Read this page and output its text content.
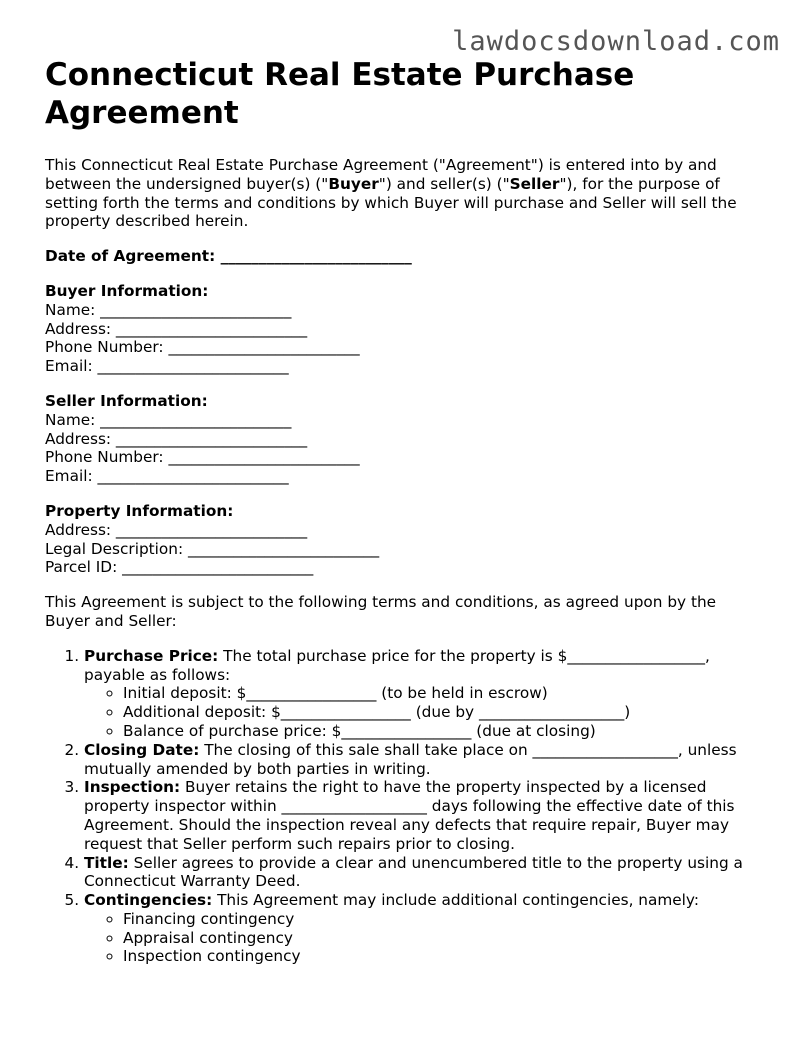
lawdocsdownload.com
Connecticut Real Estate Purchase Agreement

This Connecticut Real Estate Purchase Agreement ("Agreement") is entered into by and between the undersigned buyer(s) ("Buyer") and seller(s) ("Seller"), for the purpose of setting forth the terms and conditions by which Buyer will purchase and Seller will sell the property described herein.

Date of Agreement: _________________________
Buyer Information:
Name: _________________________
Address: _________________________
Phone Number: _________________________
Email: _________________________
Seller Information:
Name: _________________________
Address: _________________________
Phone Number: _________________________
Email: _________________________
Property Information:
Address: _________________________
Legal Description: _________________________
Parcel ID: _________________________

This Agreement is subject to the following terms and conditions, as agreed upon by the Buyer and Seller:

1. Purchase Price: The total purchase price for the property is $__________________, payable as follows:
◦ Initial deposit: $_________________ (to be held in escrow)
◦ Additional deposit: $_________________ (due by ___________________)
◦ Balance of purchase price: $_________________ (due at closing)
2. Closing Date: The closing of this sale shall take place on ___________________, unless mutually amended by both parties in writing.
3. Inspection: Buyer retains the right to have the property inspected by a licensed property inspector within ___________________ days following the effective date of this Agreement. Should the inspection reveal any defects that require repair, Buyer may request that Seller perform such repairs prior to closing.
4. Title: Seller agrees to provide a clear and unencumbered title to the property using a Connecticut Warranty Deed.
5. Contingencies: This Agreement may include additional contingencies, namely:
◦ Financing contingency
◦ Appraisal contingency
◦ Inspection contingency
